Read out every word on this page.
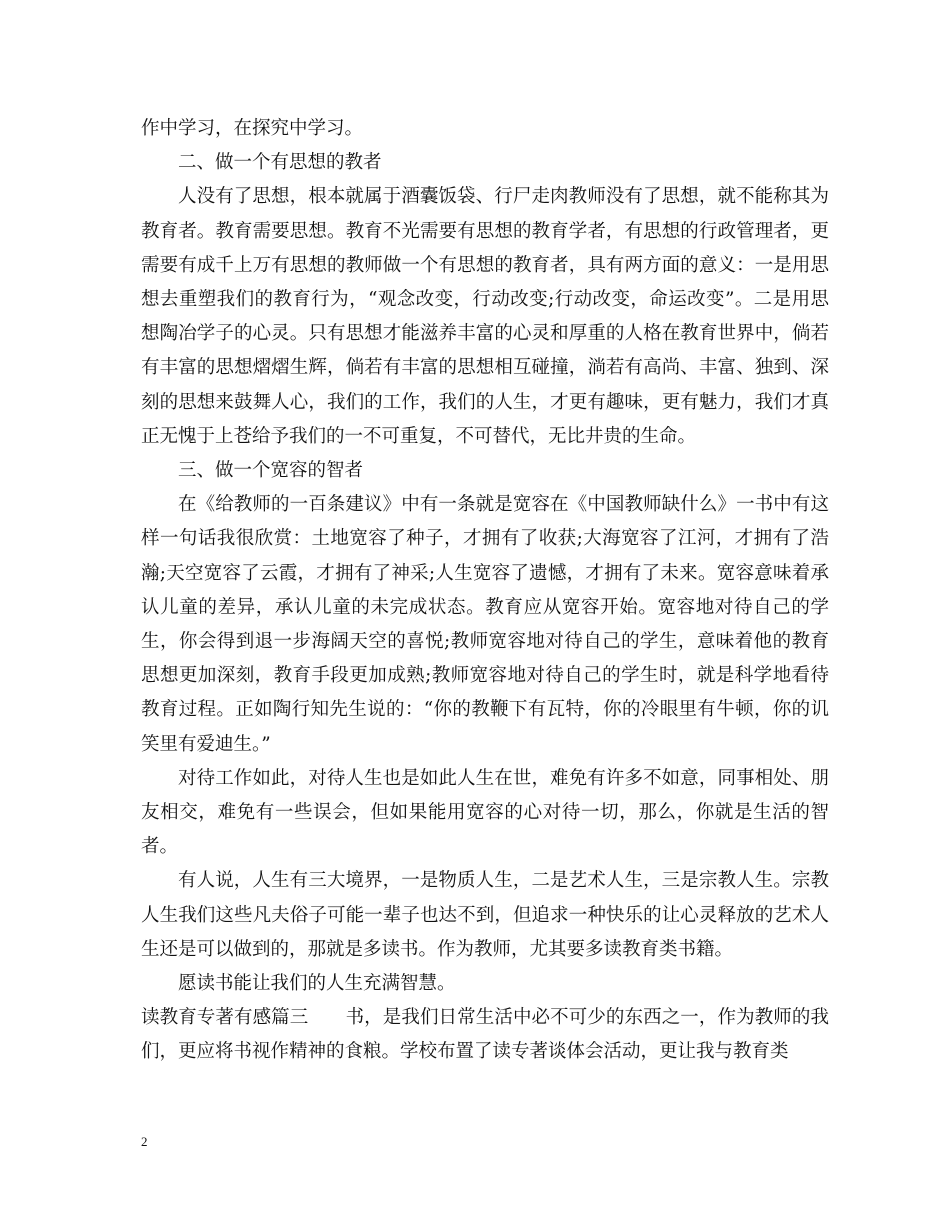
作中学习，在探究中学习。

二、做一个有思想的教者

人没有了思想，根本就属于酒囊饭袋、行尸走肉教师没有了思想，就不能称其为教育者。教育需要思想。教育不光需要有思想的教育学者，有思想的行政管理者，更需要有成千上万有思想的教师做一个有思想的教育者，具有两方面的意义：一是用思想去重塑我们的教育行为，“观念改变，行动改变;行动改变，命运改变”。二是用思想陶冶学子的心灵。只有思想才能滋养丰富的心灵和厚重的人格在教育世界中，倘若有丰富的思想熠熠生辉，倘若有丰富的思想相互碰撞，淌若有高尚、丰富、独到、深刻的思想来鼓舞人心，我们的工作，我们的人生，才更有趣味，更有魅力，我们才真正无愧于上苍给予我们的一不可重复，不可替代，无比井贵的生命。

三、做一个宽容的智者

在《给教师的一百条建议》中有一条就是宽容在《中国教师缺什么》一书中有这样一句话我很欣赏：土地宽容了种子，才拥有了收获;大海宽容了江河，才拥有了浩瀚;天空宽容了云霞，才拥有了神采;人生宽容了遗憾，才拥有了未来。宽容意味着承认儿童的差异，承认儿童的未完成状态。教育应从宽容开始。宽容地对待自己的学生，你会得到退一步海阔天空的喜悦;教师宽容地对待自己的学生，意味着他的教育思想更加深刻，教育手段更加成熟;教师宽容地对待自己的学生时，就是科学地看待教育过程。正如陶行知先生说的：“你的教鞭下有瓦特，你的冷眼里有牛顿，你的讥笑里有爱迪生。”

对待工作如此，对待人生也是如此人生在世，难免有许多不如意，同事相处、朋友相交，难免有一些误会，但如果能用宽容的心对待一切，那么，你就是生活的智者。

有人说，人生有三大境界，一是物质人生，二是艺术人生，三是宗教人生。宗教人生我们这些凡夫俗子可能一辈子也达不到，但追求一种快乐的让心灵释放的艺术人生还是可以做到的，那就是多读书。作为教师，尤其要多读教育类书籍。

愿读书能让我们的人生充满智慧。

读教育专著有感篇三　　书，是我们日常生活中必不可少的东西之一，作为教师的我们，更应将书视作精神的食粮。学校布置了读专著谈体会活动，更让我与教育类

2
